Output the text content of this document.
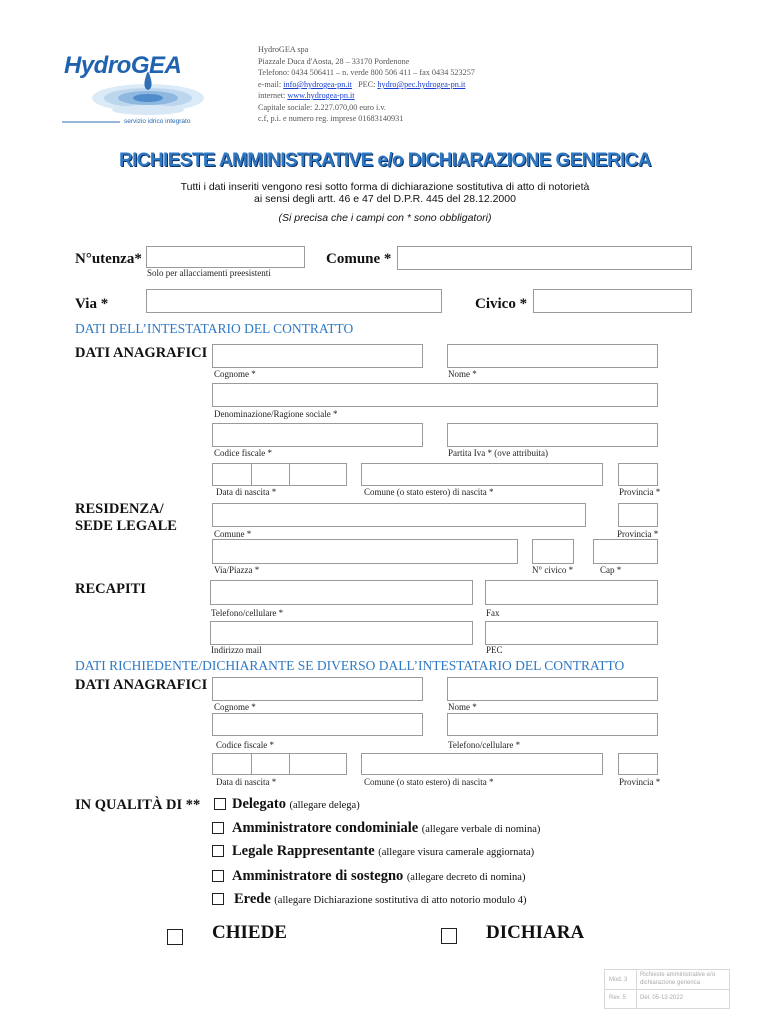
HydroGEA
servizio idrico integrato
HydroGEA spa
Piazzale Duca d'Aosta, 28 – 33170 Pordenone
Telefono: 0434 506411 – n. verde 800 506 411 – fax 0434 523257
e-mail: info@hydrogea-pn.it PEC: hydro@pec.hydrogea-pn.it
internet: www.hydrogea-pn.it
Capitale sociale: 2.227.070,00 euro i.v.
c.f, p.i. e numero reg. imprese 01683140931
RICHIESTE AMMINISTRATIVE e/o DICHIARAZIONE GENERICA
Tutti i dati inseriti vengono resi sotto forma di dichiarazione sostitutiva di atto di notorietà
ai sensi degli artt. 46 e 47 del D.P.R. 445 del 28.12.2000
(Si precisa che i campi con * sono obbligatori)
N°utenza*
Solo per allacciamenti preesistenti
Comune *
Via *	Civico *
DATI DELL’INTESTATARIO DEL CONTRATTO
DATI ANAGRAFICI
Cognome *	Nome *
Denominazione/Ragione sociale *
Codice fiscale *	Partita Iva * (ove attribuita)
Data di nascita *	Comune (o stato estero) di nascita *	Provincia *
RESIDENZA/
SEDE LEGALE	Comune *	Provincia *
Via/Piazza *	N° civico *	Cap *
RECAPITI
Telefono/cellulare *	Fax
Indirizzo mail	PEC
DATI RICHIEDENTE/DICHIARANTE SE DIVERSO DALL’INTESTATARIO DEL CONTRATTO
DATI ANAGRAFICI
Cognome *	Nome *
Codice fiscale *	Telefono/cellulare *
Data di nascita *	Comune (o stato estero) di nascita *	Provincia *
IN QUALITÀ DI ** Delegato (allegare delega)
Amministratore condominiale (allegare verbale di nomina)
Legale Rappresentante (allegare visura camerale aggiornata)
Amministratore di sostegno (allegare decreto di nomina)
Erede (allegare Dichiarazione sostitutiva di atto notorio modulo 4)
CHIEDE	DICHIARA
Mod. 3
Richieste amministrative e/o dichiarazione generica
Rev. 5 Del. 05-12-2022
